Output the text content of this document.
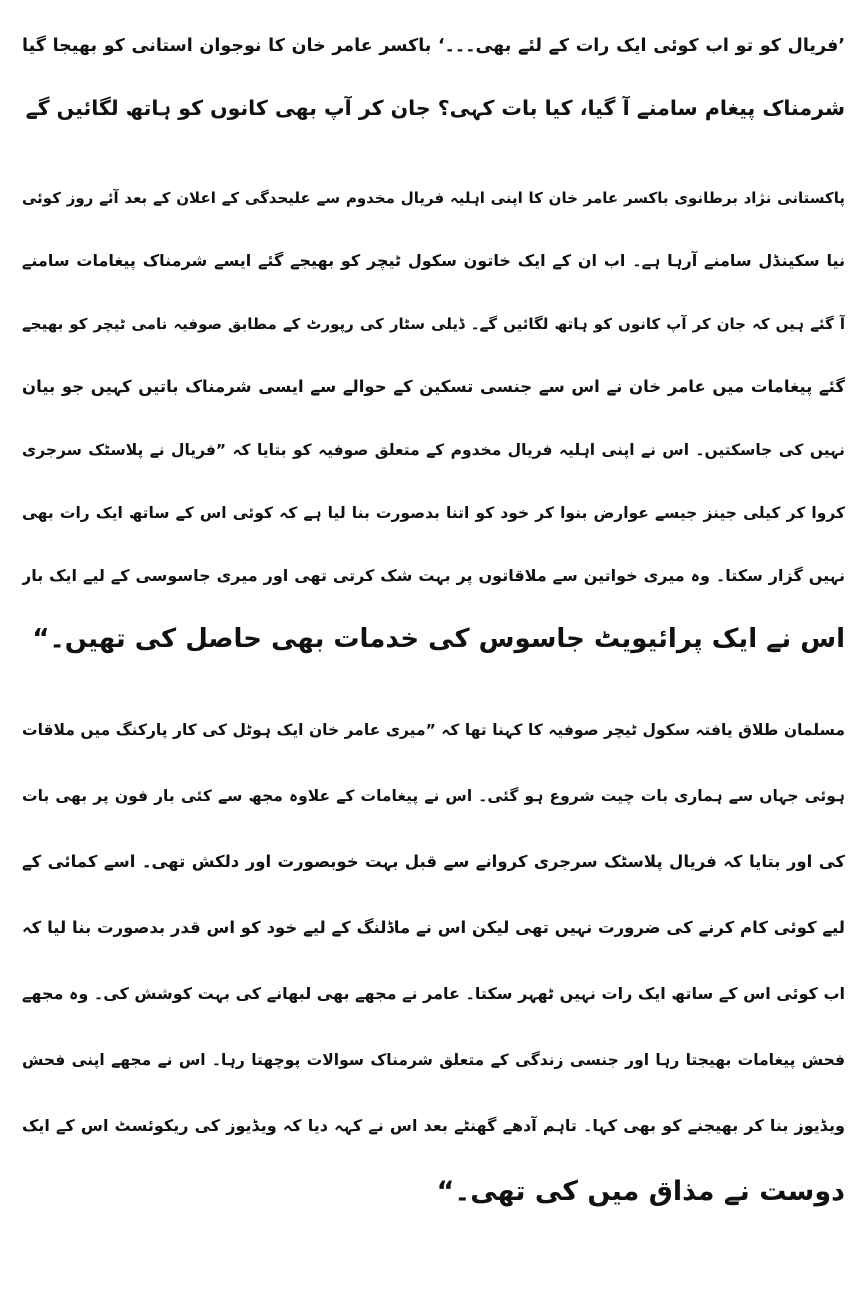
’فریال کو تو اب کوئی ایک رات کے لئے بھی۔۔۔‘ باکسر عامر خان کا نوجوان استانی کو بھیجا گیا
شرمناک پیغام سامنے آ گیا، کیا بات کہی؟ جان کر آپ بھی کانوں کو ہاتھ لگائیں گے
پاکستانی نژاد برطانوی باکسر عامر خان کا اپنی اہلیہ فریال مخدوم سے علیحدگی کے اعلان کے بعد آئے روز کوئی
نیا سکینڈل سامنے آرہا ہے۔ اب ان کے ایک خاتون سکول ٹیچر کو بھیجے گئے ایسے شرمناک پیغامات سامنے
آ گئے ہیں کہ جان کر آپ کانوں کو ہاتھ لگائیں گے۔ ڈیلی سٹار کی رپورٹ کے مطابق صوفیہ نامی ٹیچر کو بھیجے
گئے پیغامات میں عامر خان نے اس سے جنسی تسکین کے حوالے سے ایسی شرمناک باتیں کہیں جو بیان
نہیں کی جاسکتیں۔ اس نے اپنی اہلیہ فریال مخدوم کے متعلق صوفیہ کو بتایا کہ ”فریال نے پلاسٹک سرجری
کروا کر کیلی جینز جیسے عوارض بنوا کر خود کو اتنا بدصورت بنا لیا ہے کہ کوئی اس کے ساتھ ایک رات بھی
نہیں گزار سکتا۔ وہ میری خواتین سے ملاقاتوں پر بہت شک کرتی تھی اور میری جاسوسی کے لیے ایک بار
اس نے ایک پرائیویٹ جاسوس کی خدمات بھی حاصل کی تھیں۔“
مسلمان طلاق یافتہ سکول ٹیچر صوفیہ کا کہنا تھا کہ ”میری عامر خان ایک ہوٹل کی کار پارکنگ میں ملاقات
ہوئی جہاں سے ہماری بات چیت شروع ہو گئی۔ اس نے پیغامات کے علاوہ مجھ سے کئی بار فون پر بھی بات
کی اور بتایا کہ فریال پلاسٹک سرجری کروانے سے قبل بہت خوبصورت اور دلکش تھی۔ اسے کمائی کے
لیے کوئی کام کرنے کی ضرورت نہیں تھی لیکن اس نے ماڈلنگ کے لیے خود کو اس قدر بدصورت بنا لیا کہ
اب کوئی اس کے ساتھ ایک رات نہیں ٹھہر سکتا۔ عامر نے مجھے بھی لبھانے کی بہت کوشش کی۔ وہ مجھے
فحش پیغامات بھیجتا رہا اور جنسی زندگی کے متعلق شرمناک سوالات پوچھتا رہا۔ اس نے مجھے اپنی فحش
ویڈیوز بنا کر بھیجنے کو بھی کہا۔ تاہم آدھے گھنٹے بعد اس نے کہہ دیا کہ ویڈیوز کی ریکوئسٹ اس کے ایک
دوست نے مذاق میں کی تھی۔“
